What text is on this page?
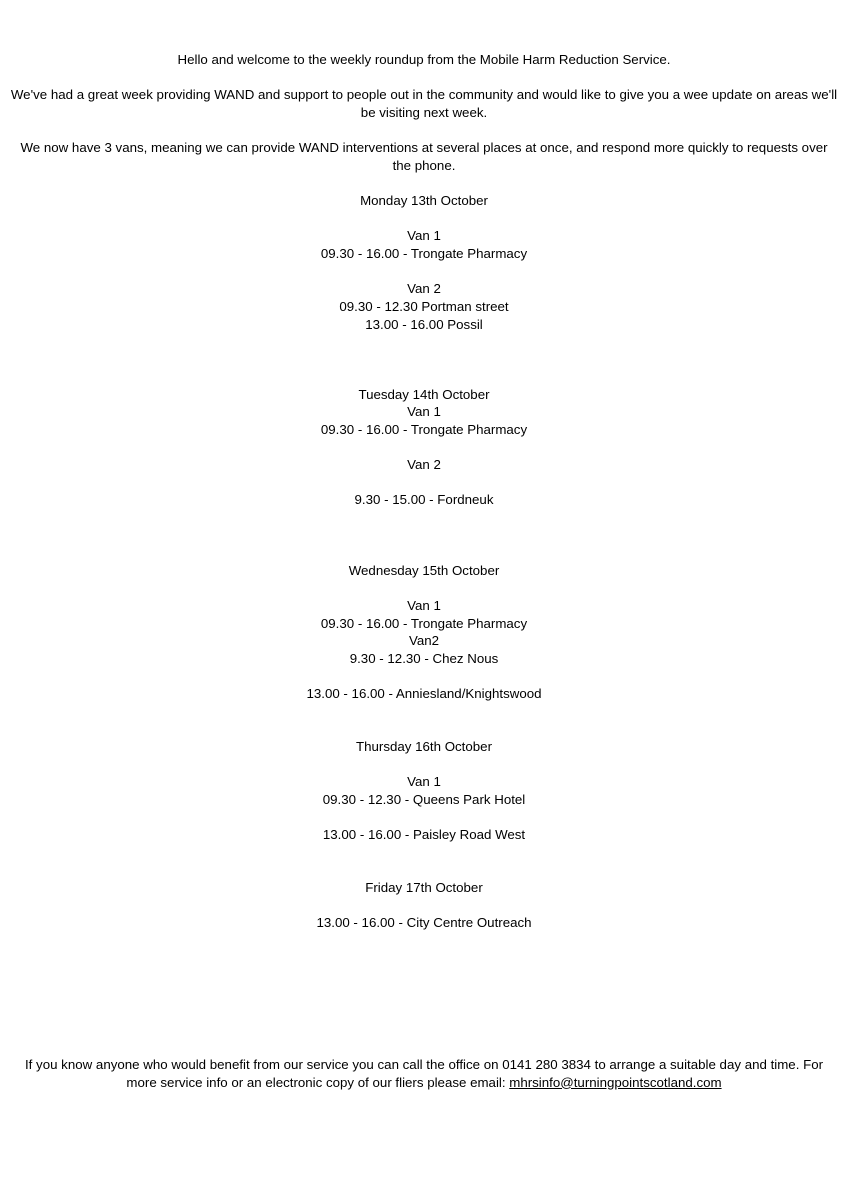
Hello and welcome to the weekly roundup from the Mobile Harm Reduction Service.
We've had a great week providing WAND and support to people out in the community and would like to give you a wee update on areas we'll be visiting next week.
We now have 3 vans, meaning we can provide WAND interventions at several places at once, and respond more quickly to requests over the phone.
Monday 13th October
Van 1
09.30 - 16.00 - Trongate Pharmacy
Van 2
09.30 - 12.30 Portman street
13.00 - 16.00 Possil
Tuesday 14th October
Van 1
09.30 - 16.00 - Trongate Pharmacy
Van 2
9.30 - 15.00 - Fordneuk
Wednesday 15th October
Van 1
09.30 - 16.00 - Trongate Pharmacy
Van2
9.30 - 12.30 - Chez Nous
13.00 - 16.00 - Anniesland/Knightswood
Thursday 16th October
Van 1
09.30 - 12.30 - Queens Park Hotel
13.00 - 16.00 - Paisley Road West
Friday 17th October
13.00 - 16.00 - City Centre Outreach
If you know anyone who would benefit from our service you can call the office on 0141 280 3834 to arrange a suitable day and time. For more service info or an electronic copy of our fliers please email: mhrsinfo@turningpointscotland.com
